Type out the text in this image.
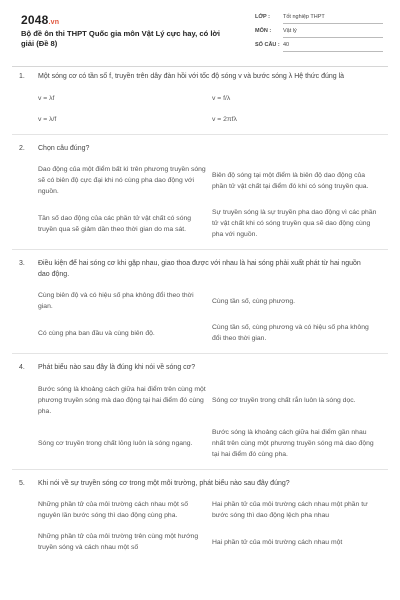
2048.vn
Bộ đề ôn thi THPT Quốc gia môn Vật Lý cực hay, có lời giải (Đề 8)
LỚP : Tốt nghiệp THPT
MÔN : Vật lý
SỐ CÂU : 40
1.	Một sóng cơ có tần số f, truyền trên dây đàn hồi với tốc độ sóng v và bước sóng λ Hệ thức đúng là
v = λf	v = f/λ
v = λ/f	v = 2πfλ
2.	Chọn câu đúng?
Dao động của một điểm bất kì trên phương truyền sóng sẽ có biên độ cực đại khi nó cùng pha dao động với nguồn.
Biên độ sóng tại một điểm là biên độ dao động của phần tử vật chất tại điểm đó khi có sóng truyền qua.
Tần số dao động của các phần tử vật chất có sóng truyền qua sẽ giảm dần theo thời gian do ma sát.
Sự truyền sóng là sự truyền pha dao động vì các phần tử vật chất khi có sóng truyền qua sẽ dao động cùng pha với nguồn.
3.	Điều kiện để hai sóng cơ khi gặp nhau, giao thoa được với nhau là hai sóng phải xuất phát từ hai nguồn dao động.
Cùng biên độ và có hiệu số pha không đổi theo thời gian.
Cùng tần số, cùng phương.
Có cùng pha ban đầu và cùng biên độ.
Cùng tần số, cùng phương và có hiệu số pha không đổi theo thời gian.
4.	Phát biểu nào sau đây là đúng khi nói về sóng cơ?
Bước sóng là khoảng cách giữa hai điểm trên cùng một phương truyền sóng mà dao động tại hai điểm đó cùng pha.
Sóng cơ truyền trong chất rắn luôn là sóng dọc.
Sóng cơ truyền trong chất lỏng luôn là sóng ngang.
Bước sóng là khoảng cách giữa hai điểm gần nhau nhất trên cùng một phương truyền sóng mà dao động tại hai điểm đó cùng pha.
5.	Khi nói về sự truyền sóng cơ trong một môi trường, phát biểu nào sau đây đúng?
Những phần tử của môi trường cách nhau một số nguyên lần bước sóng thì dao động cùng pha.
Hai phần tử của môi trường cách nhau một phần tư bước sóng thì dao động lệch pha nhau
Những phần tử của môi trường trên cùng một hướng truyền sóng và cách nhau một số
Hai phần tử của môi trường cách nhau một
